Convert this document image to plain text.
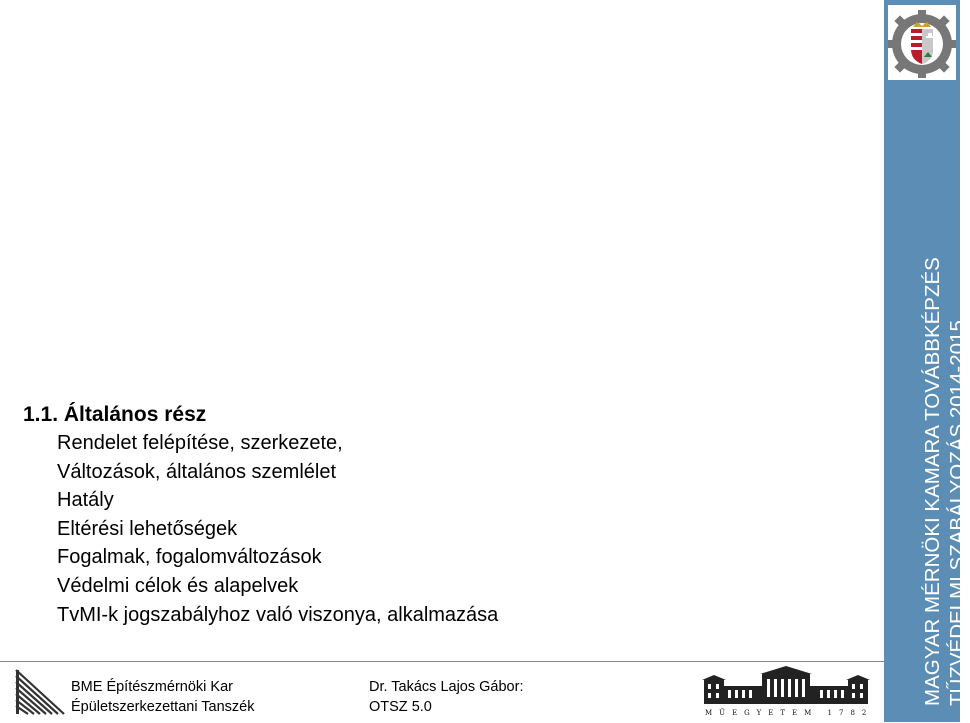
MAGYAR MÉRNÖKI KAMARA TOVÁBBKÉPZÉS TŰZVÉDELMI SZABÁLYOZÁS 2014-2015.
1.1. Általános rész
Rendelet felépítése, szerkezete,
Változások, általános szemlélet
Hatály
Eltérési lehetőségek
Fogalmak, fogalomváltozások
Védelmi célok és alapelvek
TvMI-k jogszabályhoz való viszonya, alkalmazása
BME Építészmérnöki Kar
Épületszerkezettani Tanszék
Dr. Takács Lajos Gábor:
OTSZ 5.0	MŰEGYETEM 1782
